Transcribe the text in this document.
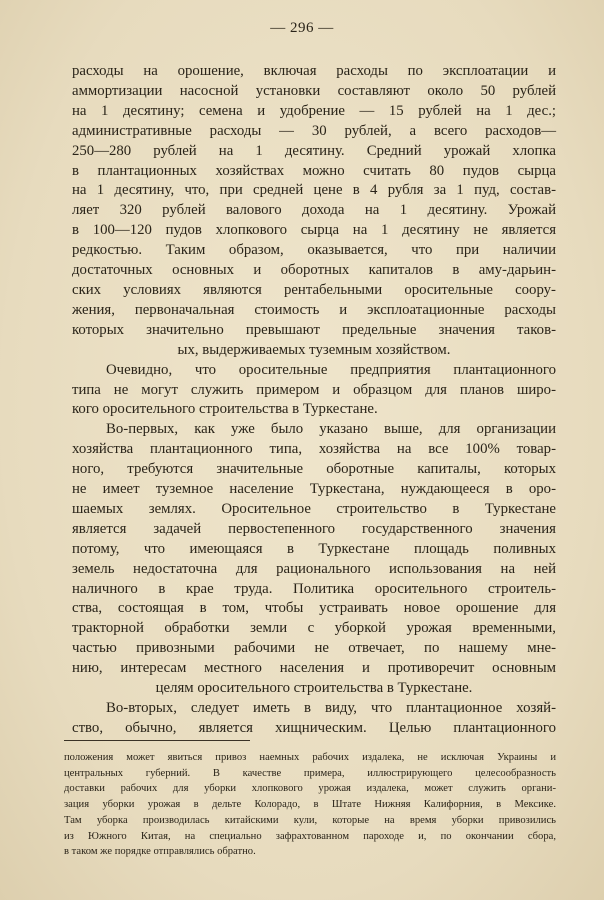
— 296 —
расходы на орошение, включая расходы по эксплоатации и
аммортизации насосной установки составляют около 50 рублей
на 1 десятину; семена и удобрение — 15 рублей на 1 дес.;
административные расходы — 30 рублей, а всего расходов—
250—280 рублей на 1 десятину. Средний урожай хлопка
в плантационных хозяйствах можно считать 80 пудов сырца
на 1 десятину, что, при средней цене в 4 рубля за 1 пуд, состав-
ляет 320 рублей валового дохода на 1 десятину. Урожай
в 100—120 пудов хлопкового сырца на 1 десятину не является
редкостью. Таким образом, оказывается, что при наличии
достаточных основных и оборотных капиталов в аму-дарьин-
ских условиях являются рентабельными оросительные соору-
жения, первоначальная стоимость и эксплоатационные расходы
которых значительно превышают предельные значения таков-
ых, выдерживаемых туземным хозяйством.
Очевидно, что оросительные предприятия плантационного
типа не могут служить примером и образцом для планов широ-
кого оросительного строительства в Туркестане.
Во-первых, как уже было указано выше, для организации
хозяйства плантационного типа, хозяйства на все 100% товар-
ного, требуются значительные оборотные капиталы, которых
не имеет туземное население Туркестана, нуждающееся в оро-
шаемых землях. Оросительное строительство в Туркестане
является задачей первостепенного государственного значения
потому, что имеющаяся в Туркестане площадь поливных
земель недостаточна для рационального использования на ней
наличного в крае труда. Политика оросительного строитель-
ства, состоящая в том, чтобы устраивать новое орошение для
тракторной обработки земли с уборкой урожая временными,
частью привозными рабочими не отвечает, по нашему мне-
нию, интересам местного населения и противоречит основным
целям оросительного строительства в Туркестане.
Во-вторых, следует иметь в виду, что плантационное хозяй-
ство, обычно, является хищническим. Целью плантационного
положения может явиться привоз наемных рабочих издалека, не исключая Украины и
центральных губерний. В качестве примера, иллюстрирующего целесообразность
доставки рабочих для уборки хлопкового урожая издалека, может служить органи-
зация уборки урожая в дельте Колорадо, в Штате Нижняя Калифорния, в Мексике.
Там уборка производилась китайскими кули, которые на время уборки привозились
из Южного Китая, на специально зафрахтованном пароходе и, по окончании сбора,
в таком же порядке отправлялись обратно.
